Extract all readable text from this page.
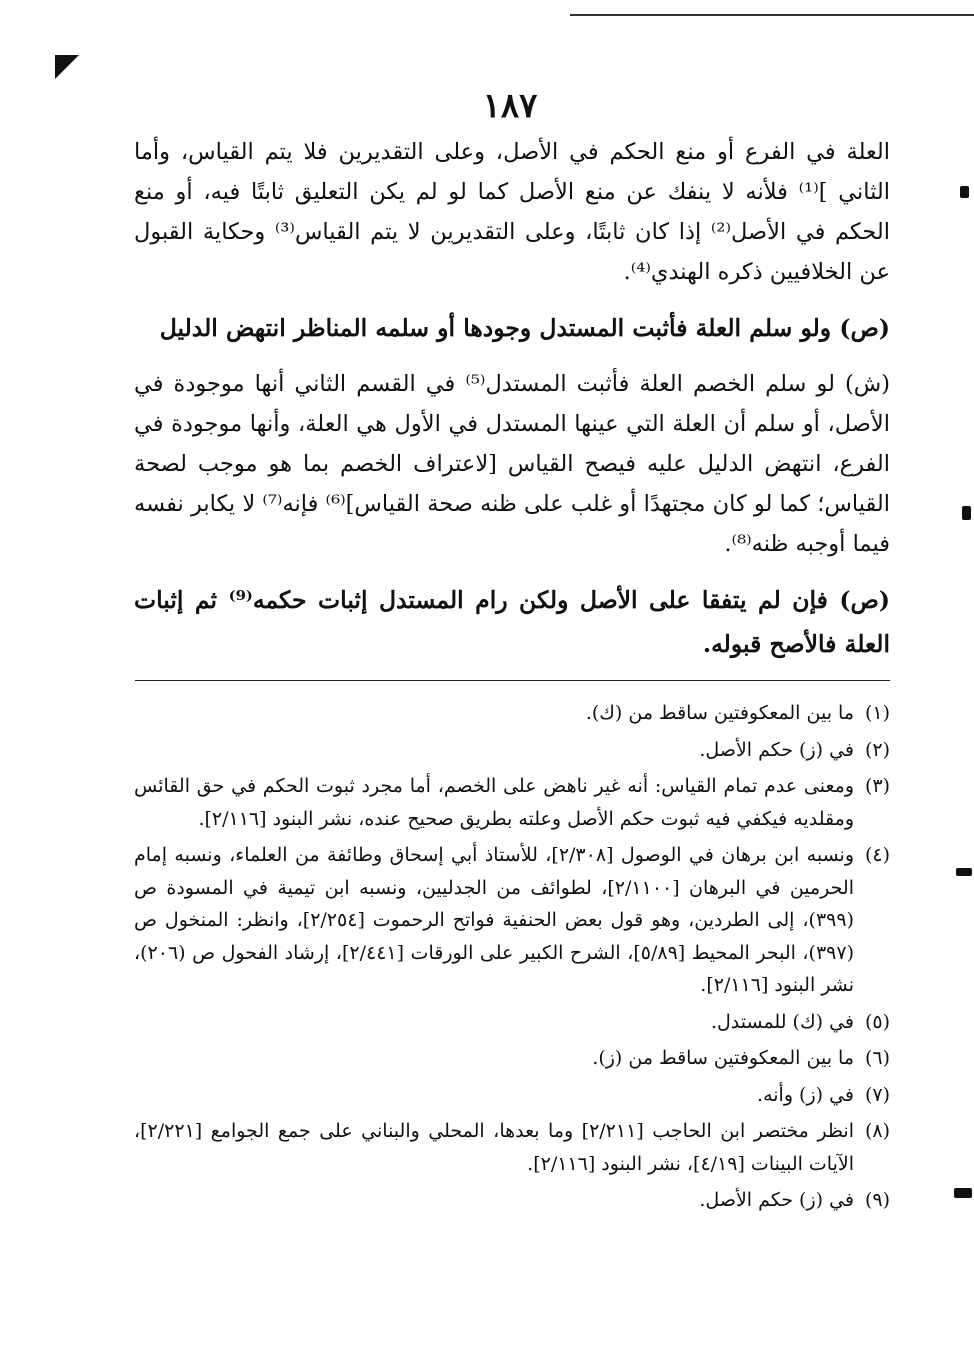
١٨٧

العلة في الفرع أو منع الحكم في الأصل، وعلى التقديرين فلا يتم القياس، وأما الثاني ]⁽¹⁾ فلأنه لا ينفك عن منع الأصل كما لو لم يكن التعليق ثابتًا فيه، أو منع الحكم في الأصل⁽²⁾ إذا كان ثابتًا، وعلى التقديرين لا يتم القياس⁽³⁾ وحكاية القبول عن الخلافيين ذكره الهندي⁽⁴⁾.

(ص) ولو سلم العلة فأثبت المستدل وجودها أو سلمه المناظر انتهض الدليل

(ش) لو سلم الخصم العلة فأثبت المستدل⁽⁵⁾ في القسم الثاني أنها موجودة في الأصل، أو سلم أن العلة التي عينها المستدل في الأول هي العلة، وأنها موجودة في الفرع، انتهض الدليل عليه فيصح القياس [لاعتراف الخصم بما هو موجب لصحة القياس؛ كما لو كان مجتهدًا أو غلب على ظنه صحة القياس]⁽⁶⁾ فإنه⁽⁷⁾ لا يكابر نفسه فيما أوجبه ظنه⁽⁸⁾.

(ص) فإن لم يتفقا على الأصل ولكن رام المستدل إثبات حكمه⁽⁹⁾ ثم إثبات العلة فالأصح قبوله.

(١)
ما بين المعكوفتين ساقط من (ك).
(٢)
في (ز) حكم الأصل.
(٣)
ومعنى عدم تمام القياس: أنه غير ناهض على الخصم، أما مجرد ثبوت الحكم في حق القائس ومقلديه فيكفي فيه ثبوت حكم الأصل وعلته بطريق صحيح عنده، نشر البنود [٢/١١٦].
(٤)
ونسبه ابن برهان في الوصول [٢/٣٠٨]، للأستاذ أبي إسحاق وطائفة من العلماء، ونسبه إمام الحرمين في البرهان [٢/١١٠٠]، لطوائف من الجدليين، ونسبه ابن تيمية في المسودة ص (٣٩٩)، إلى الطردين، وهو قول بعض الحنفية فواتح الرحموت [٢/٢٥٤]، وانظر: المنخول ص (٣٩٧)، البحر المحيط [٥/٨٩]، الشرح الكبير على الورقات [٢/٤٤١]، إرشاد الفحول ص (٢٠٦)، نشر البنود [٢/١١٦].
(٥)
في (ك) للمستدل.
(٦)
ما بين المعكوفتين ساقط من (ز).
(٧)
في (ز) وأنه.
(٨)
انظر مختصر ابن الحاجب [٢/٢١١] وما بعدها، المحلي والبناني على جمع الجوامع [٢/٢٢١]، الآيات البينات [٤/١٩]، نشر البنود [٢/١١٦].
(٩)
في (ز) حكم الأصل.
